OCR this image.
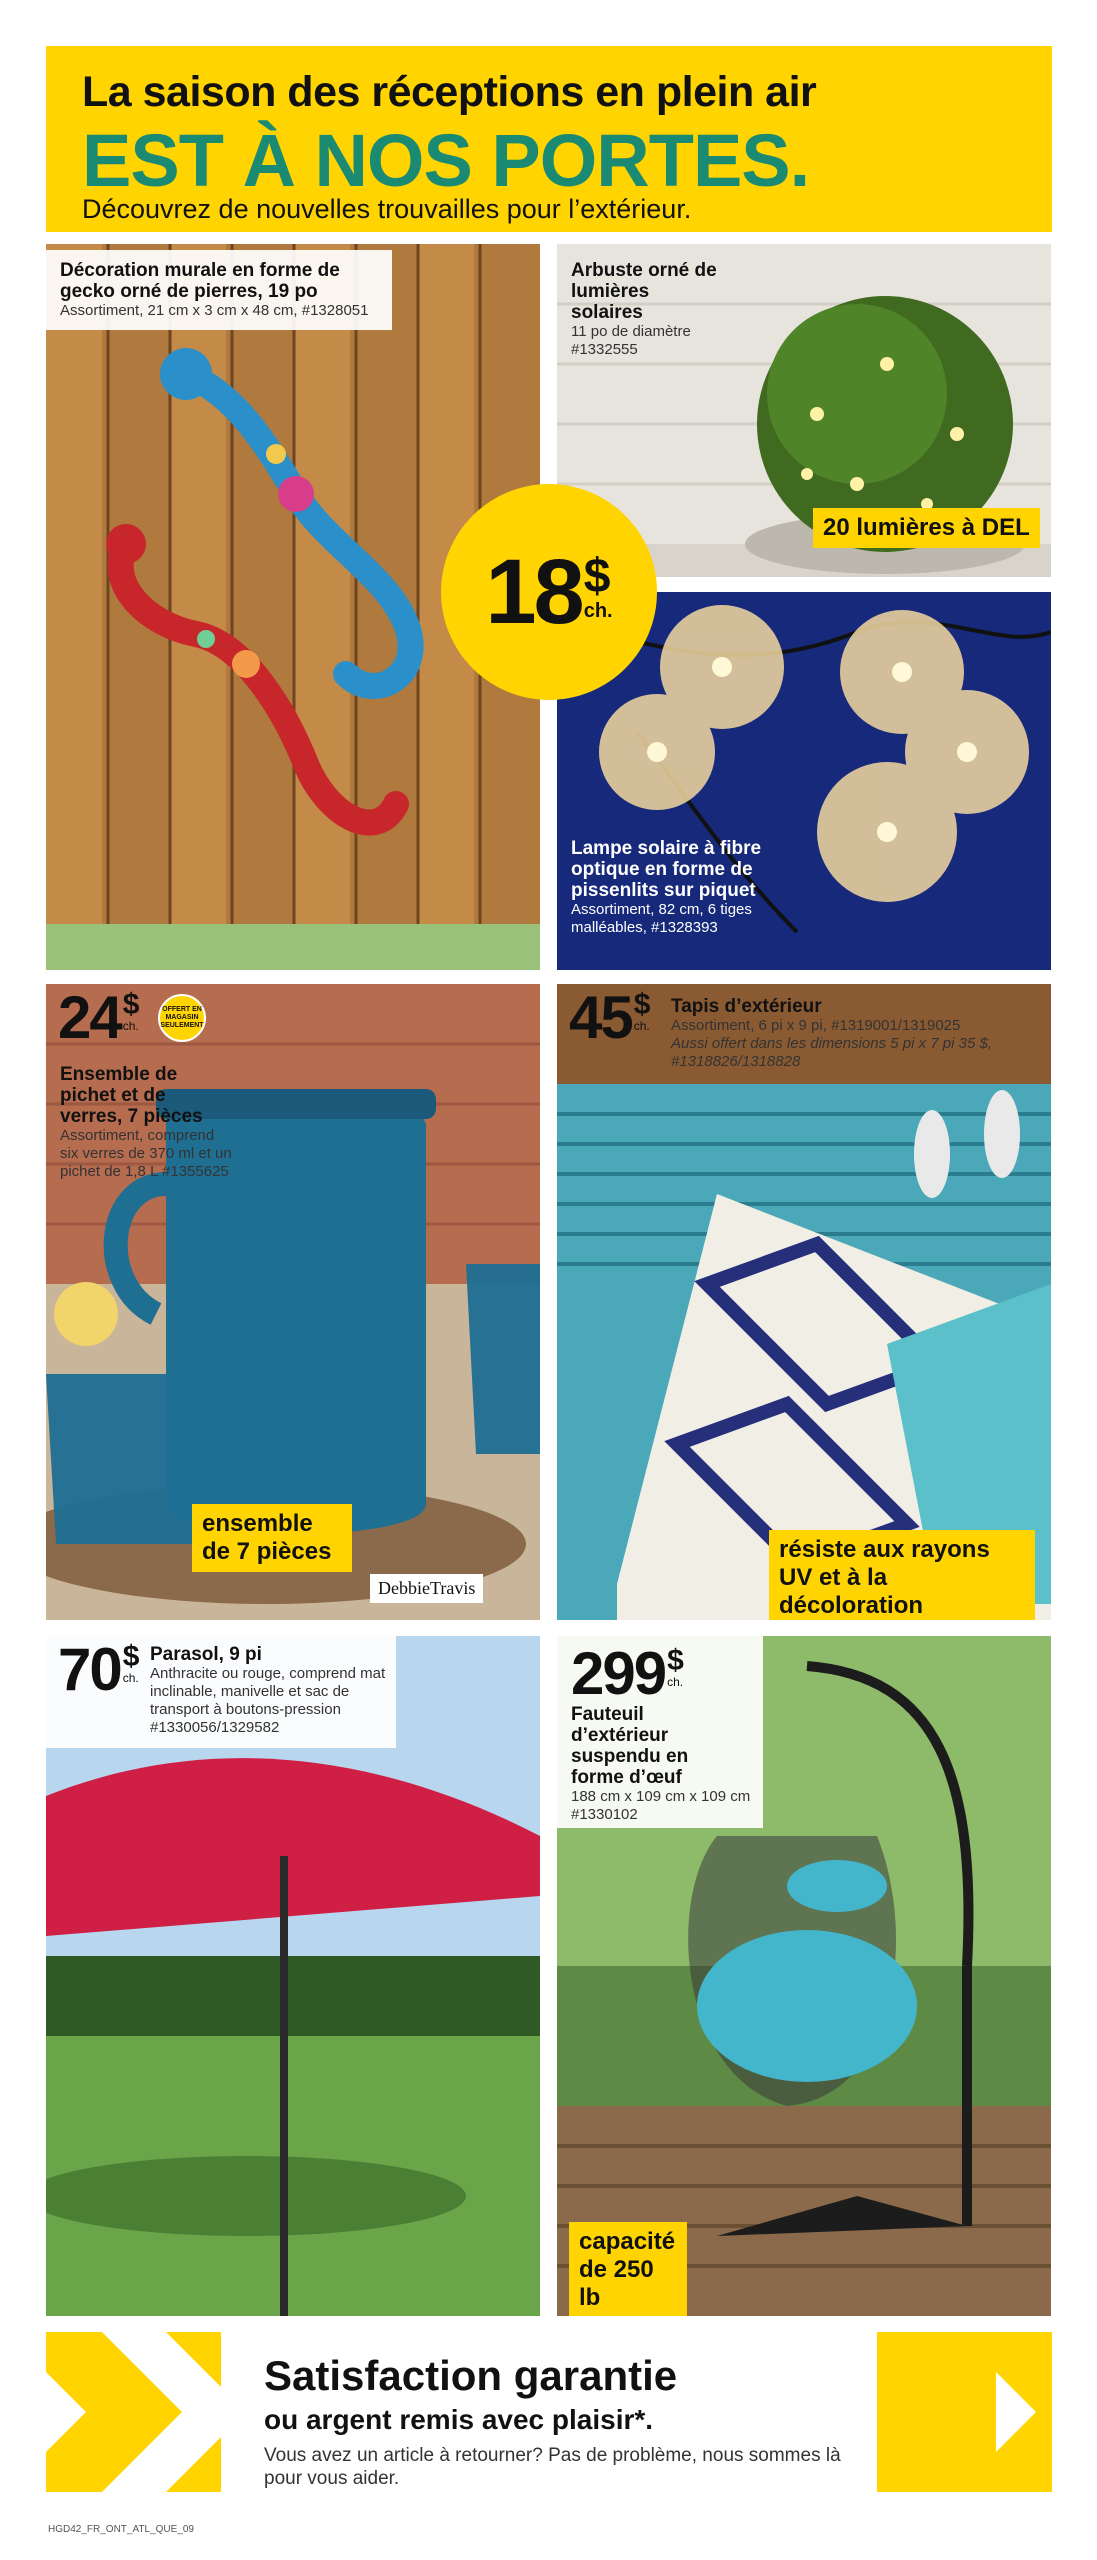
La saison des réceptions en plein air
EST À NOS PORTES.
Découvrez de nouvelles trouvailles pour l’extérieur.
Décoration murale en forme de gecko orné de pierres, 19 po
Assortiment, 21 cm x 3 cm x 48 cm, #1328051
Arbuste orné de lumières solaires
11 po de diamètre
#1332555
20 lumières à DEL
Lampe solaire à fibre optique en forme de pissenlits sur piquet
Assortiment, 82 cm, 6 tiges malléables, #1328393
18 $
ch.
24 $
ch.
OFFERT EN MAGASIN SEULEMENT
Ensemble de pichet et de verres, 7 pièces
Assortiment, comprend six verres de 370 ml et un pichet de 1,8 L #1355625
ensemble de 7 pièces
DebbieTravis
45 $
ch.
Tapis d’extérieur
Assortiment, 6 pi x 9 pi, #1319001/1319025
Aussi offert dans les dimensions 5 pi x 7 pi 35 $, #1318826/1318828
résiste aux rayons UV et à la décoloration
70 $
ch.
Parasol, 9 pi
Anthracite ou rouge, comprend mat inclinable, manivelle et sac de transport à boutons-pression #1330056/1329582
299 $
ch.
Fauteuil d’extérieur suspendu en forme d’œuf
188 cm x 109 cm x 109 cm #1330102
capacité de 250 lb
Satisfaction garantie
ou argent remis avec plaisir*.
Vous avez un article à retourner? Pas de problème, nous sommes là pour vous aider.
HGD42_FR_ONT_ATL_QUE_09
